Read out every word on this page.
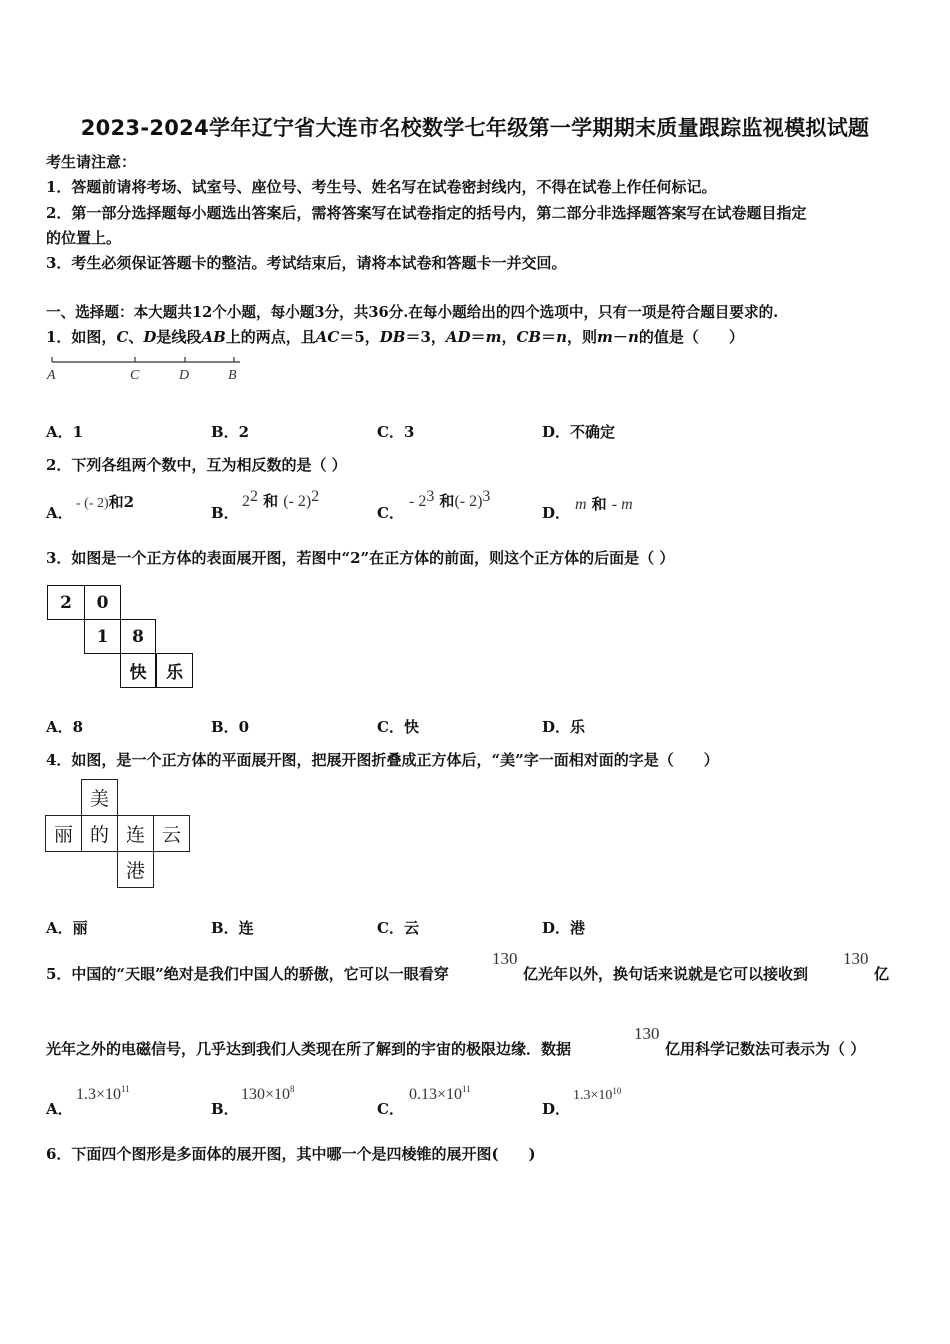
2023-2024学年辽宁省大连市名校数学七年级第一学期期末质量跟踪监视模拟试题
考生请注意：
1．答题前请将考场、试室号、座位号、考生号、姓名写在试卷密封线内，不得在试卷上作任何标记。
2．第一部分选择题每小题选出答案后，需将答案写在试卷指定的括号内，第二部分非选择题答案写在试卷题目指定
的位置上。
3．考生必须保证答题卡的整洁。考试结束后，请将本试卷和答题卡一并交回。
一、选择题：本大题共12个小题，每小题3分，共36分.在每小题给出的四个选项中，只有一项是符合题目要求的.
1．如图，C、D是线段AB上的两点，且AC＝5，DB＝3，AD＝m，CB＝n，则m－n的值是（　　）
A	C	D	B
A．1	B．2	C．3	D．不确定
2．下列各组两个数中，互为相反数的是（ ）
A．
- (- 2)和2
B．
$2^2$ 和 (- 2)$^2$
C．
- $2^3$ 和(- 2)$^3$
D． m 和 - m
3．如图是一个正方体的表面展开图，若图中“2”在正方体的前面，则这个正方体的后面是（ ）
2	0
1	8
快	乐
A．8	B．0	C．快	D．乐
4．如图，是一个正方体的平面展开图，把展开图折叠成正方体后，“美”字一面相对面的字是（　　）
美
丽 的 连 云
港
A．丽	B．连	C．云	D．港
5．中国的“天眼”绝对是我们中国人的骄傲，它可以一眼看穿
130
亿光年以外，换句话来说就是它可以接收到
130
亿
光年之外的电磁信号，几乎达到我们人类现在所了解到的宇宙的极限边缘．数据
130
亿用科学记数法可表示为（ ）
A．
$1.3\times 10^{11}$
B．
$130\times 10^8$
C．
$0.13\times 10^{11}$
D．
$1.3\times 10^{10}$
6．下面四个图形是多面体的展开图，其中哪一个是四棱锥的展开图(　　)
